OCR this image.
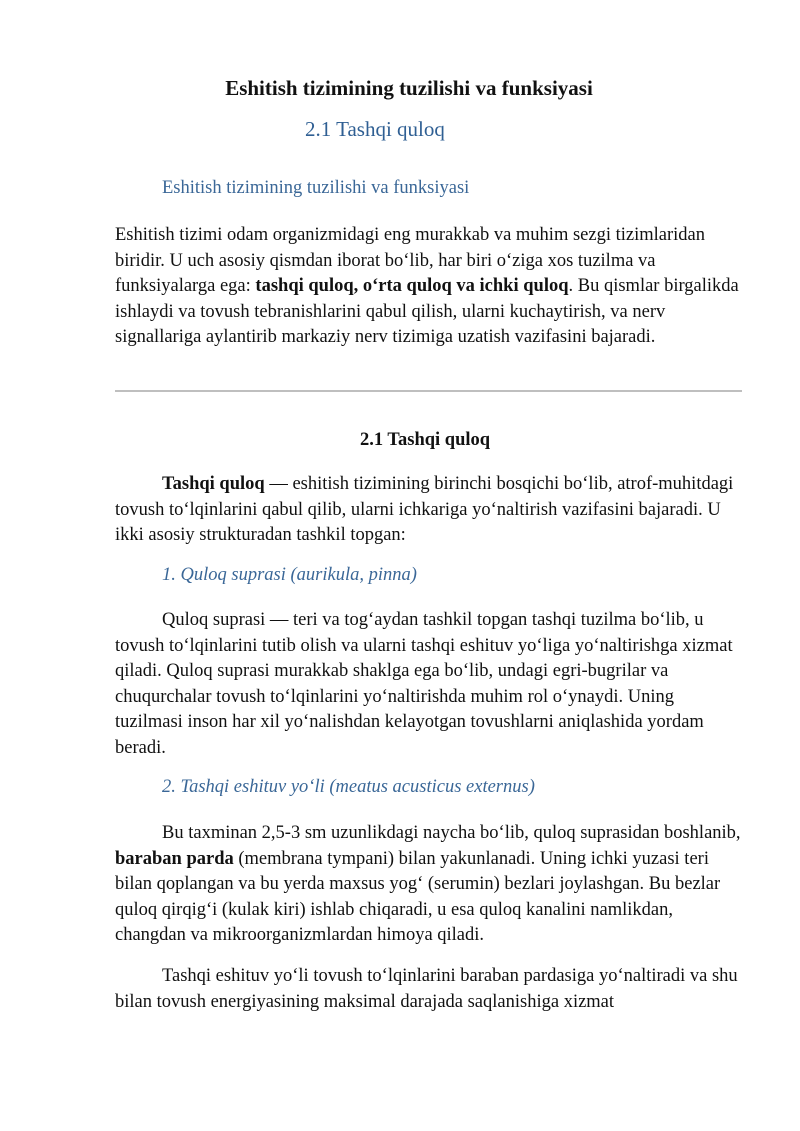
Eshitish tizimining tuzilishi va funksiyasi
2.1 Tashqi quloq

Eshitish tizimining tuzilishi va funksiyasi

Eshitish tizimi odam organizmidagi eng murakkab va muhim sezgi tizimlaridan biridir. U uch asosiy qismdan iborat bo‘lib, har biri o‘ziga xos tuzilma va funksiyalarga ega: tashqi quloq, o‘rta quloq va ichki quloq. Bu qismlar birgalikda ishlaydi va tovush tebranishlarini qabul qilish, ularni kuchaytirish, va nerv signallariga aylantirib markaziy nerv tizimiga uzatish vazifasini bajaradi.

2.1 Tashqi quloq

Tashqi quloq — eshitish tizimining birinchi bosqichi bo‘lib, atrof-muhitdagi tovush to‘lqinlarini qabul qilib, ularni ichkariga yo‘naltirish vazifasini bajaradi. U ikki asosiy strukturadan tashkil topgan:

1. Quloq suprasi (aurikula, pinna)

Quloq suprasi — teri va tog‘aydan tashkil topgan tashqi tuzilma bo‘lib, u tovush to‘lqinlarini tutib olish va ularni tashqi eshituv yo‘liga yo‘naltirishga xizmat qiladi. Quloq suprasi murakkab shaklga ega bo‘lib, undagi egri-bugrilar va chuqurchalar tovush to‘lqinlarini yo‘naltirishda muhim rol o‘ynaydi. Uning tuzilmasi inson har xil yo‘nalishdan kelayotgan tovushlarni aniqlashida yordam beradi.

2. Tashqi eshituv yo‘li (meatus acusticus externus)

Bu taxminan 2,5-3 sm uzunlikdagi naycha bo‘lib, quloq suprasidan boshlanib, baraban parda (membrana tympani) bilan yakunlanadi. Uning ichki yuzasi teri bilan qoplangan va bu yerda maxsus yog‘ (serumin) bezlari joylashgan. Bu bezlar quloq qirqig‘i (kulak kiri) ishlab chiqaradi, u esa quloq kanalini namlikdan, changdan va mikroorganizmlardan himoya qiladi.

Tashqi eshituv yo‘li tovush to‘lqinlarini baraban pardasiga yo‘naltiradi va shu bilan tovush energiyasining maksimal darajada saqlanishiga xizmat
